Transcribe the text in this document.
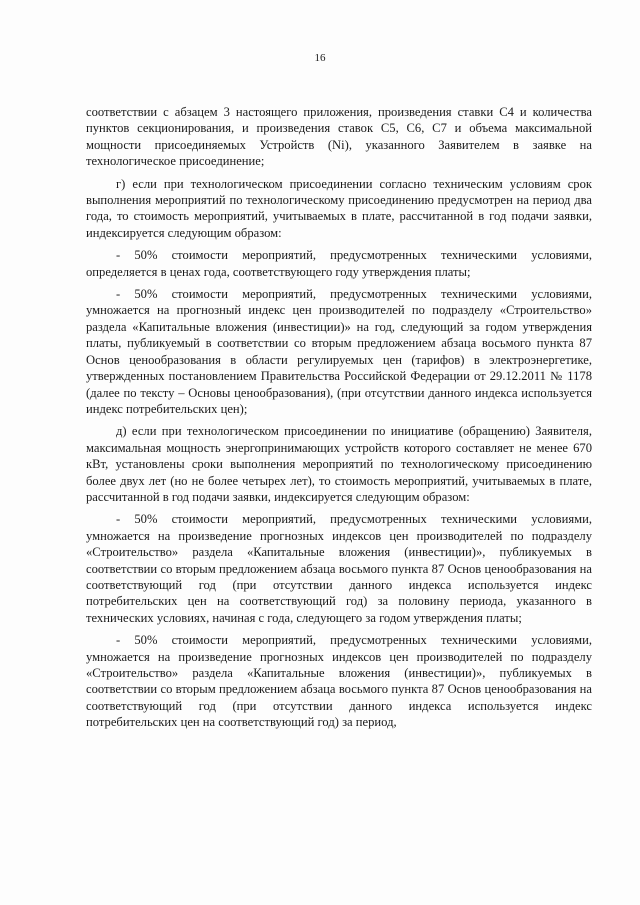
16

соответствии с абзацем 3 настоящего приложения, произведения ставки С4 и количества пунктов секционирования, и произведения ставок С5, С6, С7 и объема максимальной мощности присоединяемых Устройств (Ni), указанного Заявителем в заявке на технологическое присоединение;

г) если при технологическом присоединении согласно техническим условиям срок выполнения мероприятий по технологическому присоединению предусмотрен на период два года, то стоимость мероприятий, учитываемых в плате, рассчитанной в год подачи заявки, индексируется следующим образом:

- 50% стоимости мероприятий, предусмотренных техническими условиями, определяется в ценах года, соответствующего году утверждения платы;

- 50% стоимости мероприятий, предусмотренных техническими условиями, умножается на прогнозный индекс цен производителей по подразделу «Строительство» раздела «Капитальные вложения (инвестиции)» на год, следующий за годом утверждения платы, публикуемый в соответствии со вторым предложением абзаца восьмого пункта 87 Основ ценообразования в области регулируемых цен (тарифов) в электроэнергетике, утвержденных постановлением Правительства Российской Федерации от 29.12.2011 № 1178 (далее по тексту – Основы ценообразования), (при отсутствии данного индекса используется индекс потребительских цен);

д) если при технологическом присоединении по инициативе (обращению) Заявителя, максимальная мощность энергопринимающих устройств которого составляет не менее 670 кВт, установлены сроки выполнения мероприятий по технологическому присоединению более двух лет (но не более четырех лет), то стоимость мероприятий, учитываемых в плате, рассчитанной в год подачи заявки, индексируется следующим образом:

- 50% стоимости мероприятий, предусмотренных техническими условиями, умножается на произведение прогнозных индексов цен производителей по подразделу «Строительство» раздела «Капитальные вложения (инвестиции)», публикуемых в соответствии со вторым предложением абзаца восьмого пункта 87 Основ ценообразования на соответствующий год (при отсутствии данного индекса используется индекс потребительских цен на соответствующий год) за половину периода, указанного в технических условиях, начиная с года, следующего за годом утверждения платы;

- 50% стоимости мероприятий, предусмотренных техническими условиями, умножается на произведение прогнозных индексов цен производителей по подразделу «Строительство» раздела «Капитальные вложения (инвестиции)», публикуемых в соответствии со вторым предложением абзаца восьмого пункта 87 Основ ценообразования на соответствующий год (при отсутствии данного индекса используется индекс потребительских цен на соответствующий год) за период,
